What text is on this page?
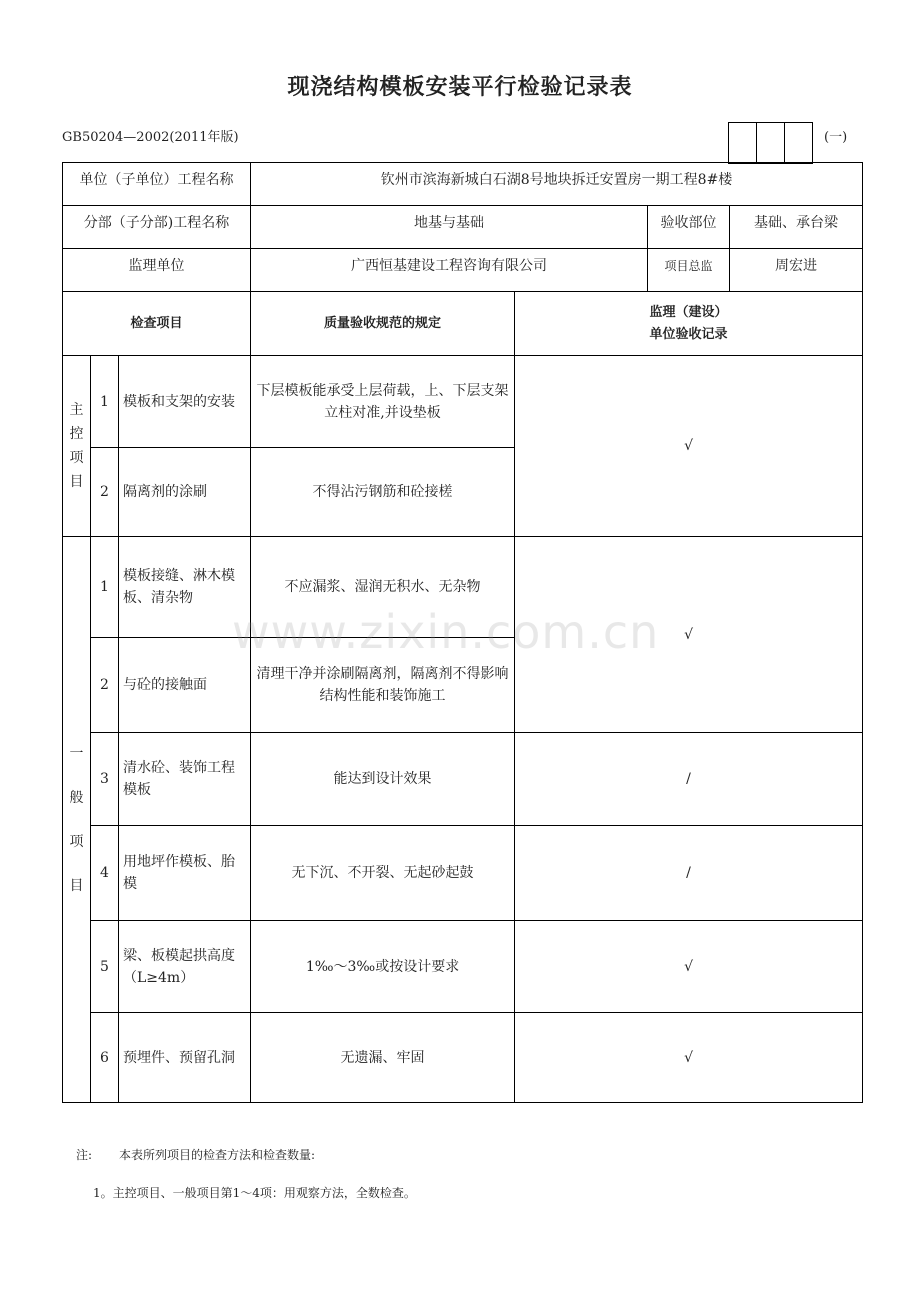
现浇结构模板安装平行检验记录表
GB50204—2002(2011年版)	(一)
单位（子单位）工程名称			钦州市滨海新城白石湖8号地块拆迁安置房一期工程8#楼			
分部（子分部)工程名称			地基与基础		验收部位	基础、承台梁
监理单位			广西恒基建设工程咨询有限公司		项目总监	周宏进
检查项目			质量验收规范的规定	监理（建设）
单位验收记录		

主
控
项
目	1	模板和支架的安装	下层模板能承受上层荷载，上、下层支架立柱对准,并设垫板	√		
	2	隔离剂的涂刷	不得沾污钢筋和砼接槎			
一
般
项
目	1	模板接缝、淋木模板、清杂物	不应漏浆、湿润无积水、无杂物	√		
	2	与砼的接触面	清理干净并涂刷隔离剂，隔离剂不得影响结构性能和装饰施工			
	3	清水砼、装饰工程模板	能达到设计效果	/		
	4	用地坪作模板、胎模	无下沉、不开裂、无起砂起鼓	/		
	5	梁、板模起拱高度（L≥4m）	1‰～3‰或按设计要求	√		
	6	预埋件、预留孔洞	无遗漏、牢固	√		
www.zixin.com.cn
注: 本表所列项目的检查方法和检查数量:
1。主控项目、一般项目第1～4项：用观察方法，全数检查。
